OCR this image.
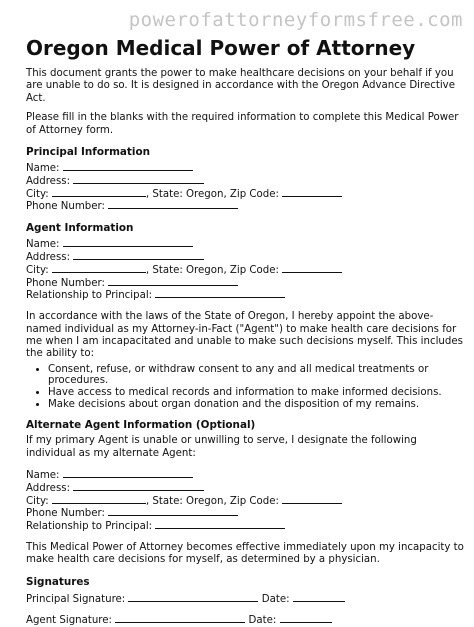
powerofattorneyformsfree.com
Oregon Medical Power of Attorney

This document grants the power to make healthcare decisions on your behalf if you are unable to do so. It is designed in accordance with the Oregon Advance Directive Act.

Please fill in the blanks with the required information to complete this Medical Power of Attorney form.

Principal Information
Name:
Address:
City:	, State: Oregon, Zip Code:
Phone Number:
Agent Information
Name:
Address:
City:	, State: Oregon, Zip Code:
Phone Number:
Relationship to Principal:

In accordance with the laws of the State of Oregon, I hereby appoint the above-named individual as my Attorney-in-Fact ("Agent") to make health care decisions for me when I am incapacitated and unable to make such decisions myself. This includes the ability to:

• Consent, refuse, or withdraw consent to any and all medical treatments or procedures.
• Have access to medical records and information to make informed decisions.
• Make decisions about organ donation and the disposition of my remains.
Alternate Agent Information (Optional)

If my primary Agent is unable or unwilling to serve, I designate the following individual as my alternate Agent:

Name:
Address:
City:	, State: Oregon, Zip Code:
Phone Number:
Relationship to Principal:

This Medical Power of Attorney becomes effective immediately upon my incapacity to make health care decisions for myself, as determined by a physician.

Signatures
Principal Signature:	Date:
Agent Signature:	Date:
